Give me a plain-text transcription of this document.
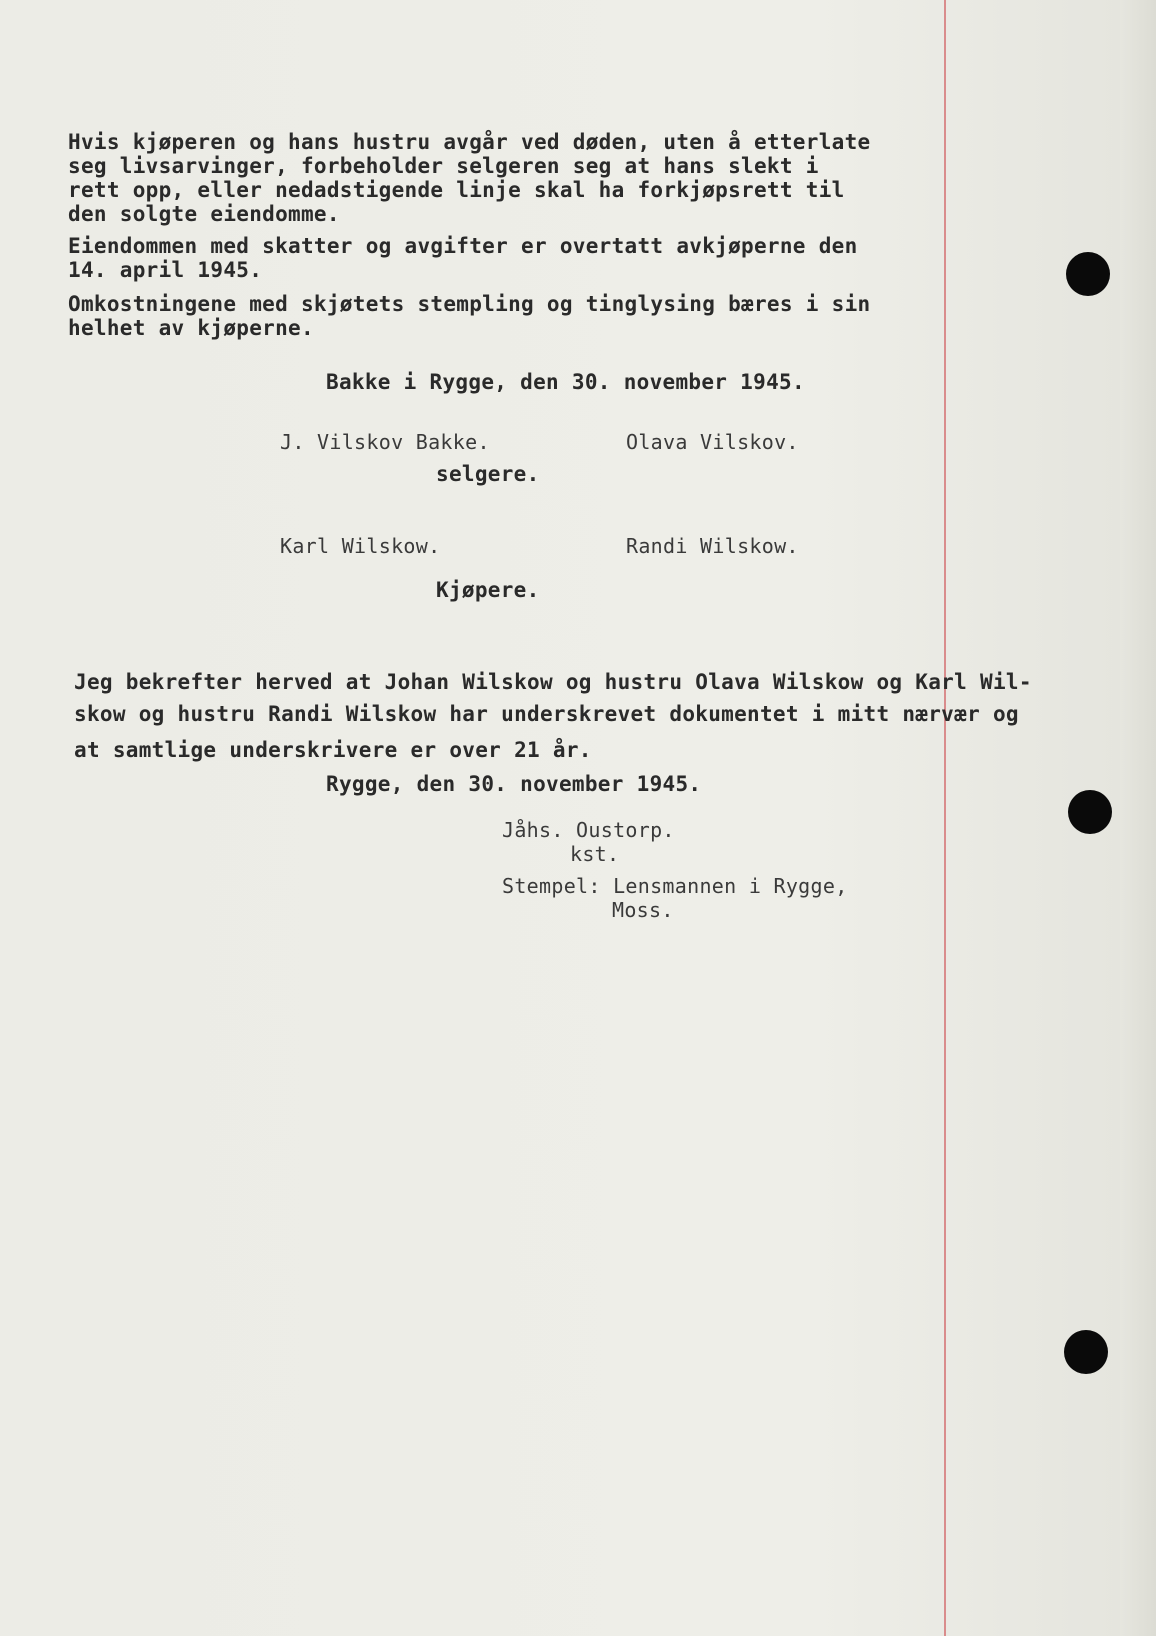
Hvis kjøperen og hans hustru avgår ved døden, uten å etterlate
seg livsarvinger, forbeholder selgeren seg at hans slekt i
rett opp, eller nedadstigende linje skal ha forkjøpsrett til
den solgte eiendomme.
Eiendommen med skatter og avgifter er overtatt avkjøperne den
14. april 1945.
Omkostningene med skjøtets stempling og tinglysing bæres i sin
helhet av kjøperne.
Bakke i Rygge, den 30. november 1945.
J. Vilskov Bakke.	Olava Vilskov.
selgere.
Karl Wilskow.	Randi Wilskow.
Kjøpere.
Jeg bekrefter herved at Johan Wilskow og hustru Olava Wilskow og Karl Wil-
skow og hustru Randi Wilskow har underskrevet dokumentet i mitt nærvær og
at samtlige underskrivere er over 21 år.
Rygge, den 30. november 1945.
Jåhs. Oustorp.
kst.
Stempel: Lensmannen i Rygge,
Moss.
